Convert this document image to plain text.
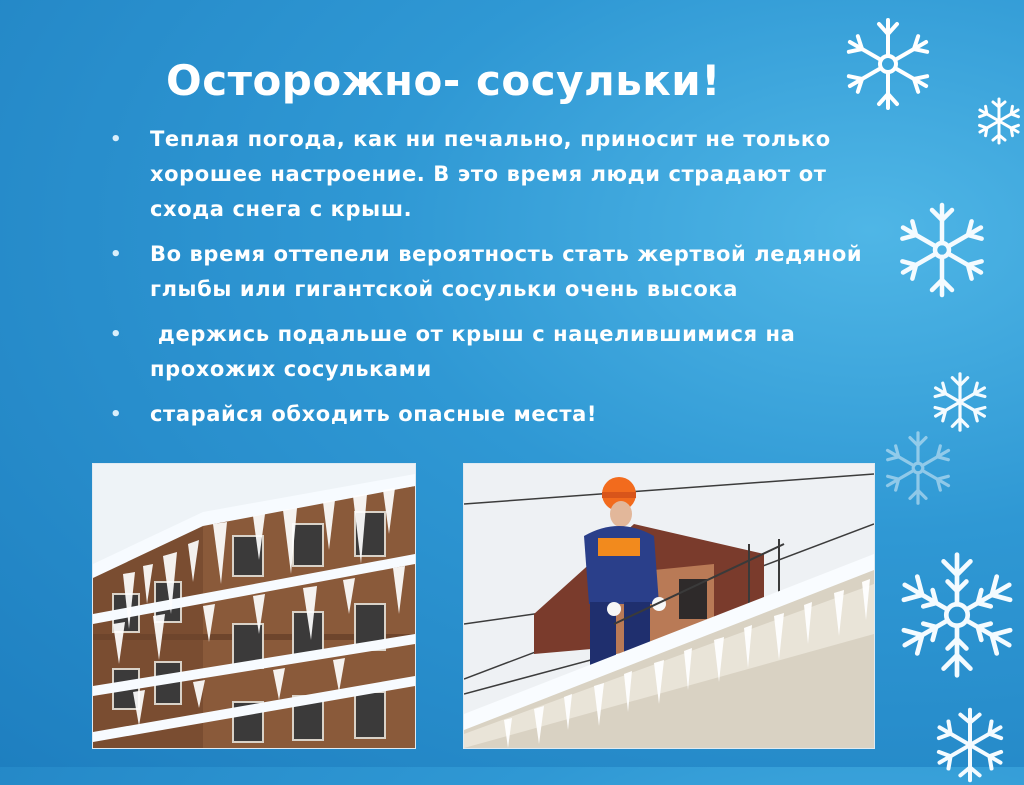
Осторожно- сосульки!
• Теплая погода, как ни печально, приносит не только хорошее настроение. В это время люди страдают от схода снега с крыш.
• Во время оттепели вероятность стать жертвой ледяной глыбы или гигантской сосульки очень высока
• держись подальше от крыш с нацелившимися на прохожих сосульками
• старайся обходить опасные места!
